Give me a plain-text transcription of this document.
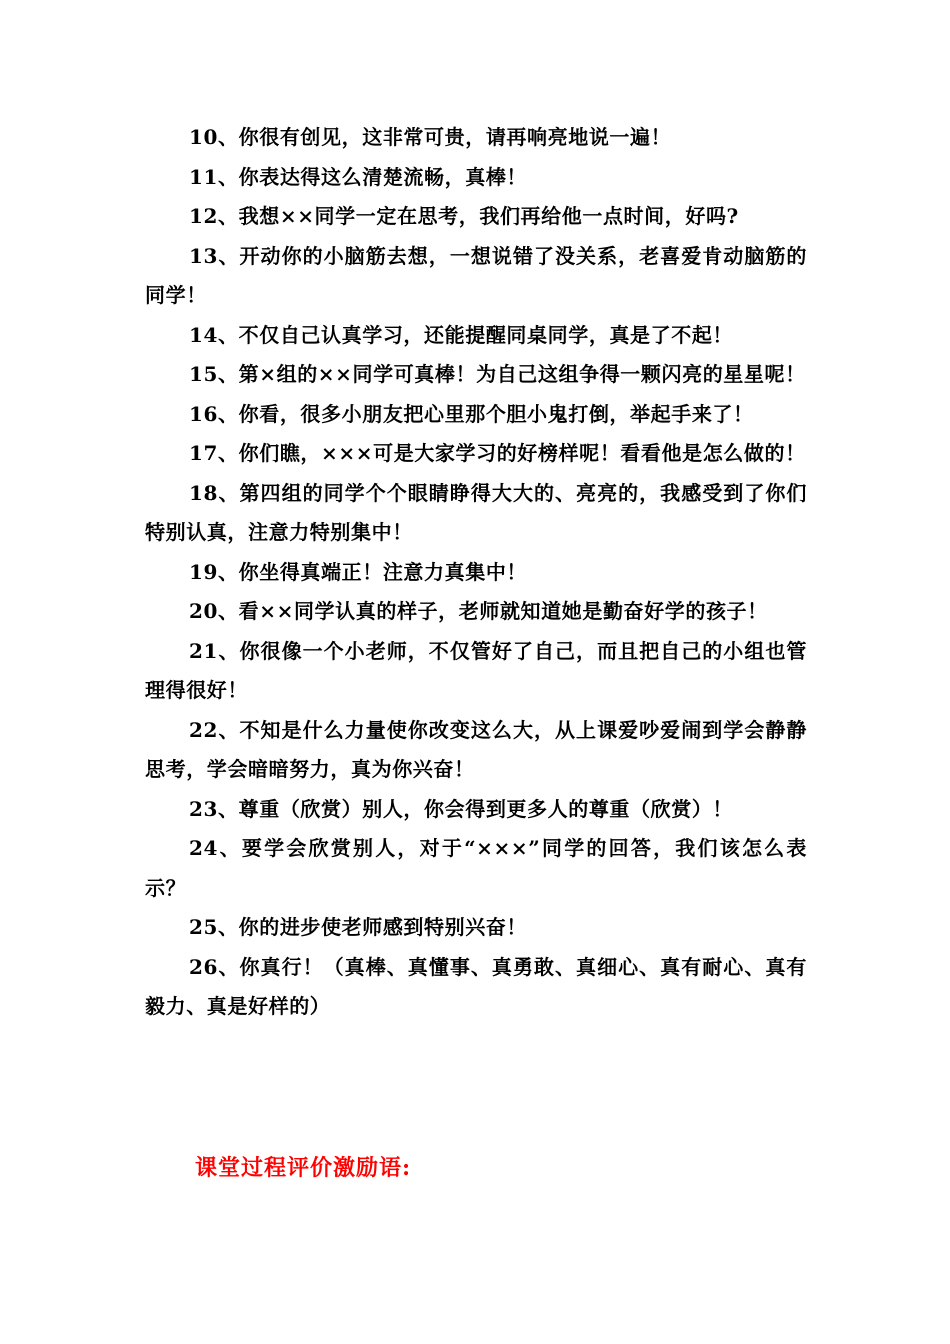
10、你很有创见，这非常可贵，请再响亮地说一遍！

11、你表达得这么清楚流畅，真棒！

12、我想××同学一定在思考，我们再给他一点时间，好吗?

13、开动你的小脑筋去想，一想说错了没关系，老喜爱肯动脑筋的同学！

14、不仅自己认真学习，还能提醒同桌同学，真是了不起！

15、第×组的××同学可真棒！为自己这组争得一颗闪亮的星星呢！

16、你看，很多小朋友把心里那个胆小鬼打倒，举起手来了！

17、你们瞧，×××可是大家学习的好榜样呢！看看他是怎么做的！

18、第四组的同学个个眼睛睁得大大的、亮亮的，我感受到了你们特别认真，注意力特别集中！

19、你坐得真端正！注意力真集中！

20、看××同学认真的样子，老师就知道她是勤奋好学的孩子！

21、你很像一个小老师，不仅管好了自己，而且把自己的小组也管理得很好！

22、不知是什么力量使你改变这么大，从上课爱吵爱闹到学会静静思考，学会暗暗努力，真为你兴奋！

23、尊重（欣赏）别人，你会得到更多人的尊重（欣赏）！

24、要学会欣赏别人，对于“×××”同学的回答，我们该怎么表示？

25、你的进步使老师感到特别兴奋！

26、你真行！（真棒、真懂事、真勇敢、真细心、真有耐心、真有毅力、真是好样的）

课堂过程评价激励语:
